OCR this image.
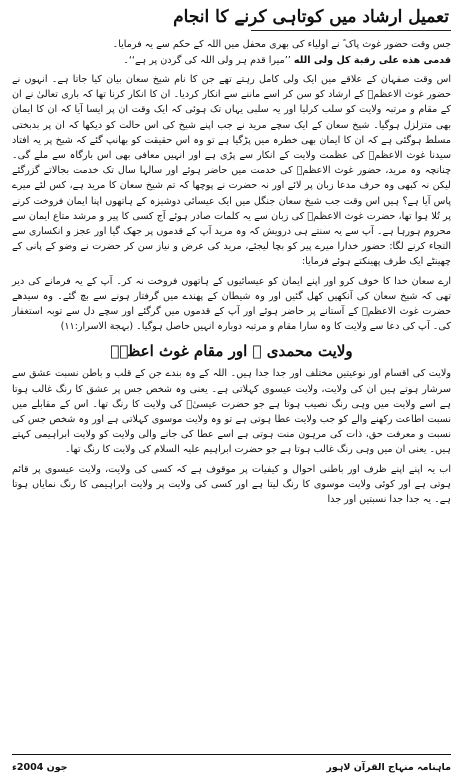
تعمیل ارشاد میں کوتاہی کرنے کا انجام
جس وقت حضور غوث پاک ؓ نے اولیاء کی بھری محفل میں اللہ کے حکم سے یہ فرمایا۔
قدمی هذه علی رقبة کل ولی الله ’’میرا قدم ہر ولی اللہ کی گردن پر ہے‘‘۔

اس وقت صفہان کے علاقے میں ایک ولی کامل رہتے تھے جن کا نام شیخ سعان بیان کیا جاتا ہے۔ انہوں نے حضور غوث الاعظمؓ کے ارشاد کو سن کر اسے ماننے سے انکار کردیا۔ ان کا انکار کرنا تھا کہ باری تعالیٰ نے ان کے مقام و مرتبہ ولایت کو سلب کرلیا اور یہ سلبی یہاں تک ہوئی کہ ایک وقت ان پر ایسا آیا کہ ان کا ایمان بھی متزلزل ہوگیا۔ شیخ سعان کے ایک سچے مرید نے جب اپنے شیخ کی اس حالت کو دیکھا کہ ان پر بدبختی مسلط ہوگئی ہے کہ ان کا ایمان بھی خطرہ میں پڑگیا ہے تو وہ اس حقیقت کو بھانپ گئے کہ شیخ پر یہ افتاد سیدنا غوث الاعظمؓ کی عظمت ولایت کے انکار سے پڑی ہے اور انہیں معافی بھی اس بارگاہ سے ملے گی۔ چنانچہ وہ مرید، حضور غوث الاعظمؓ کی خدمت میں حاضر ہوئے اور سالہا سال تک خدمت بجالاتے گزرگئے لیکن نہ کبھی وہ حرف مدعا زبان پر لائے اور نہ حضرت نے پوچھا کہ تم شیخ سعان کا مرید ہے، کس لئے میرے پاس آیا ہے؟ ہیں اس وقت جب شیخ سعان جنگل میں ایک عیسائی دوشیزہ کے ہاتھوں اپنا ایمان فروخت کرنے پر تُلا ہوا تھا، حضرت غوث الاعظمؓ کی زبان سے یہ کلمات صادر ہوئے آج کسی کا پیر و مرشد متاع ایمان سے محروم ہورہا ہے۔ آپ سے یہ سنتے ہی درویش کہ وہ مرید آپ کے قدموں پر جھک گیا اور عجز و انکساری سے التجاء کرنے لگا: حضور خدارا میرے پیر کو بچا لیجئے، مرید کی عرض و نیاز سن کر حضرت نے وضو کے پانی کے چھینٹے ایک طرف پھینکتے ہوئے فرمایا:

ارے سعان خدا کا خوف کرو اور اپنے ایمان کو عیسائیوں کے ہاتھوں فروخت نہ کر۔ آپ کے یہ فرمانے کی دیر تھی کہ شیخ سعان کی آنکھیں کھل گئیں اور وہ شیطان کے پھندے میں گرفتار ہونے سے بچ گئے۔ وہ سیدھے حضرت غوث الاعظمؓ کے آستانے پر حاضر ہوئے اور آپ کے قدموں میں گرگئے اور سچے دل سے توبہ استغفار کی۔ آپ کی دعا سے ولایت کا وہ سارا مقام و مرتبہ دوبارہ انہیں حاصل ہوگیا۔ (بہجة الاسرار:۱۱)

ولایت محمدی ﷺ اور مقام غوث اعظمؓ

ولایت کی اقسام اور نوعیتیں مختلف اور جدا جدا ہیں۔ اللہ کے وہ بندے جن کے قلب و باطن نسبت عشق سے سرشار ہوتے ہیں ان کی ولایت، ولایت عیسوی کہلاتی ہے۔ یعنی وہ شخص جس پر عشق کا رنگ غالب ہوتا ہے اسے ولایت میں وہی رنگ نصیب ہوتا ہے جو حضرت عیسیٰؑ کی ولایت کا رنگ تھا۔ اس کے مقابلے میں نسبت اطاعت رکھنے والے کو جب ولایت عطا ہوتی ہے تو وہ ولایت موسوی کہلاتی ہے اور وہ شخص جس کی نسبت و معرفت حق، ذات کی مرہون منت ہوتی ہے اسے عطا کی جانے والی ولایت کو ولایت ابراہیمی کہتے ہیں۔ یعنی ان میں وہی رنگ غالب ہوتا ہے جو حضرت ابراہیم علیہ السلام کی ولایت کا رنگ تھا۔

اب یہ اپنے اپنے ظرف اور باطنی احوال و کیفیات پر موقوف ہے کہ کسی کی ولایت، ولایت عیسوی پر قائم ہوتی ہے اور کوئی ولایت موسوی کا رنگ لیتا ہے اور کسی کی ولایت پر ولایت ابراہیمی کا رنگ نمایاں ہوتا ہے۔ یہ جدا جدا نسبتیں اور جدا

ماہنامہ منہاج القرآن لاہور
جون 2004ء
